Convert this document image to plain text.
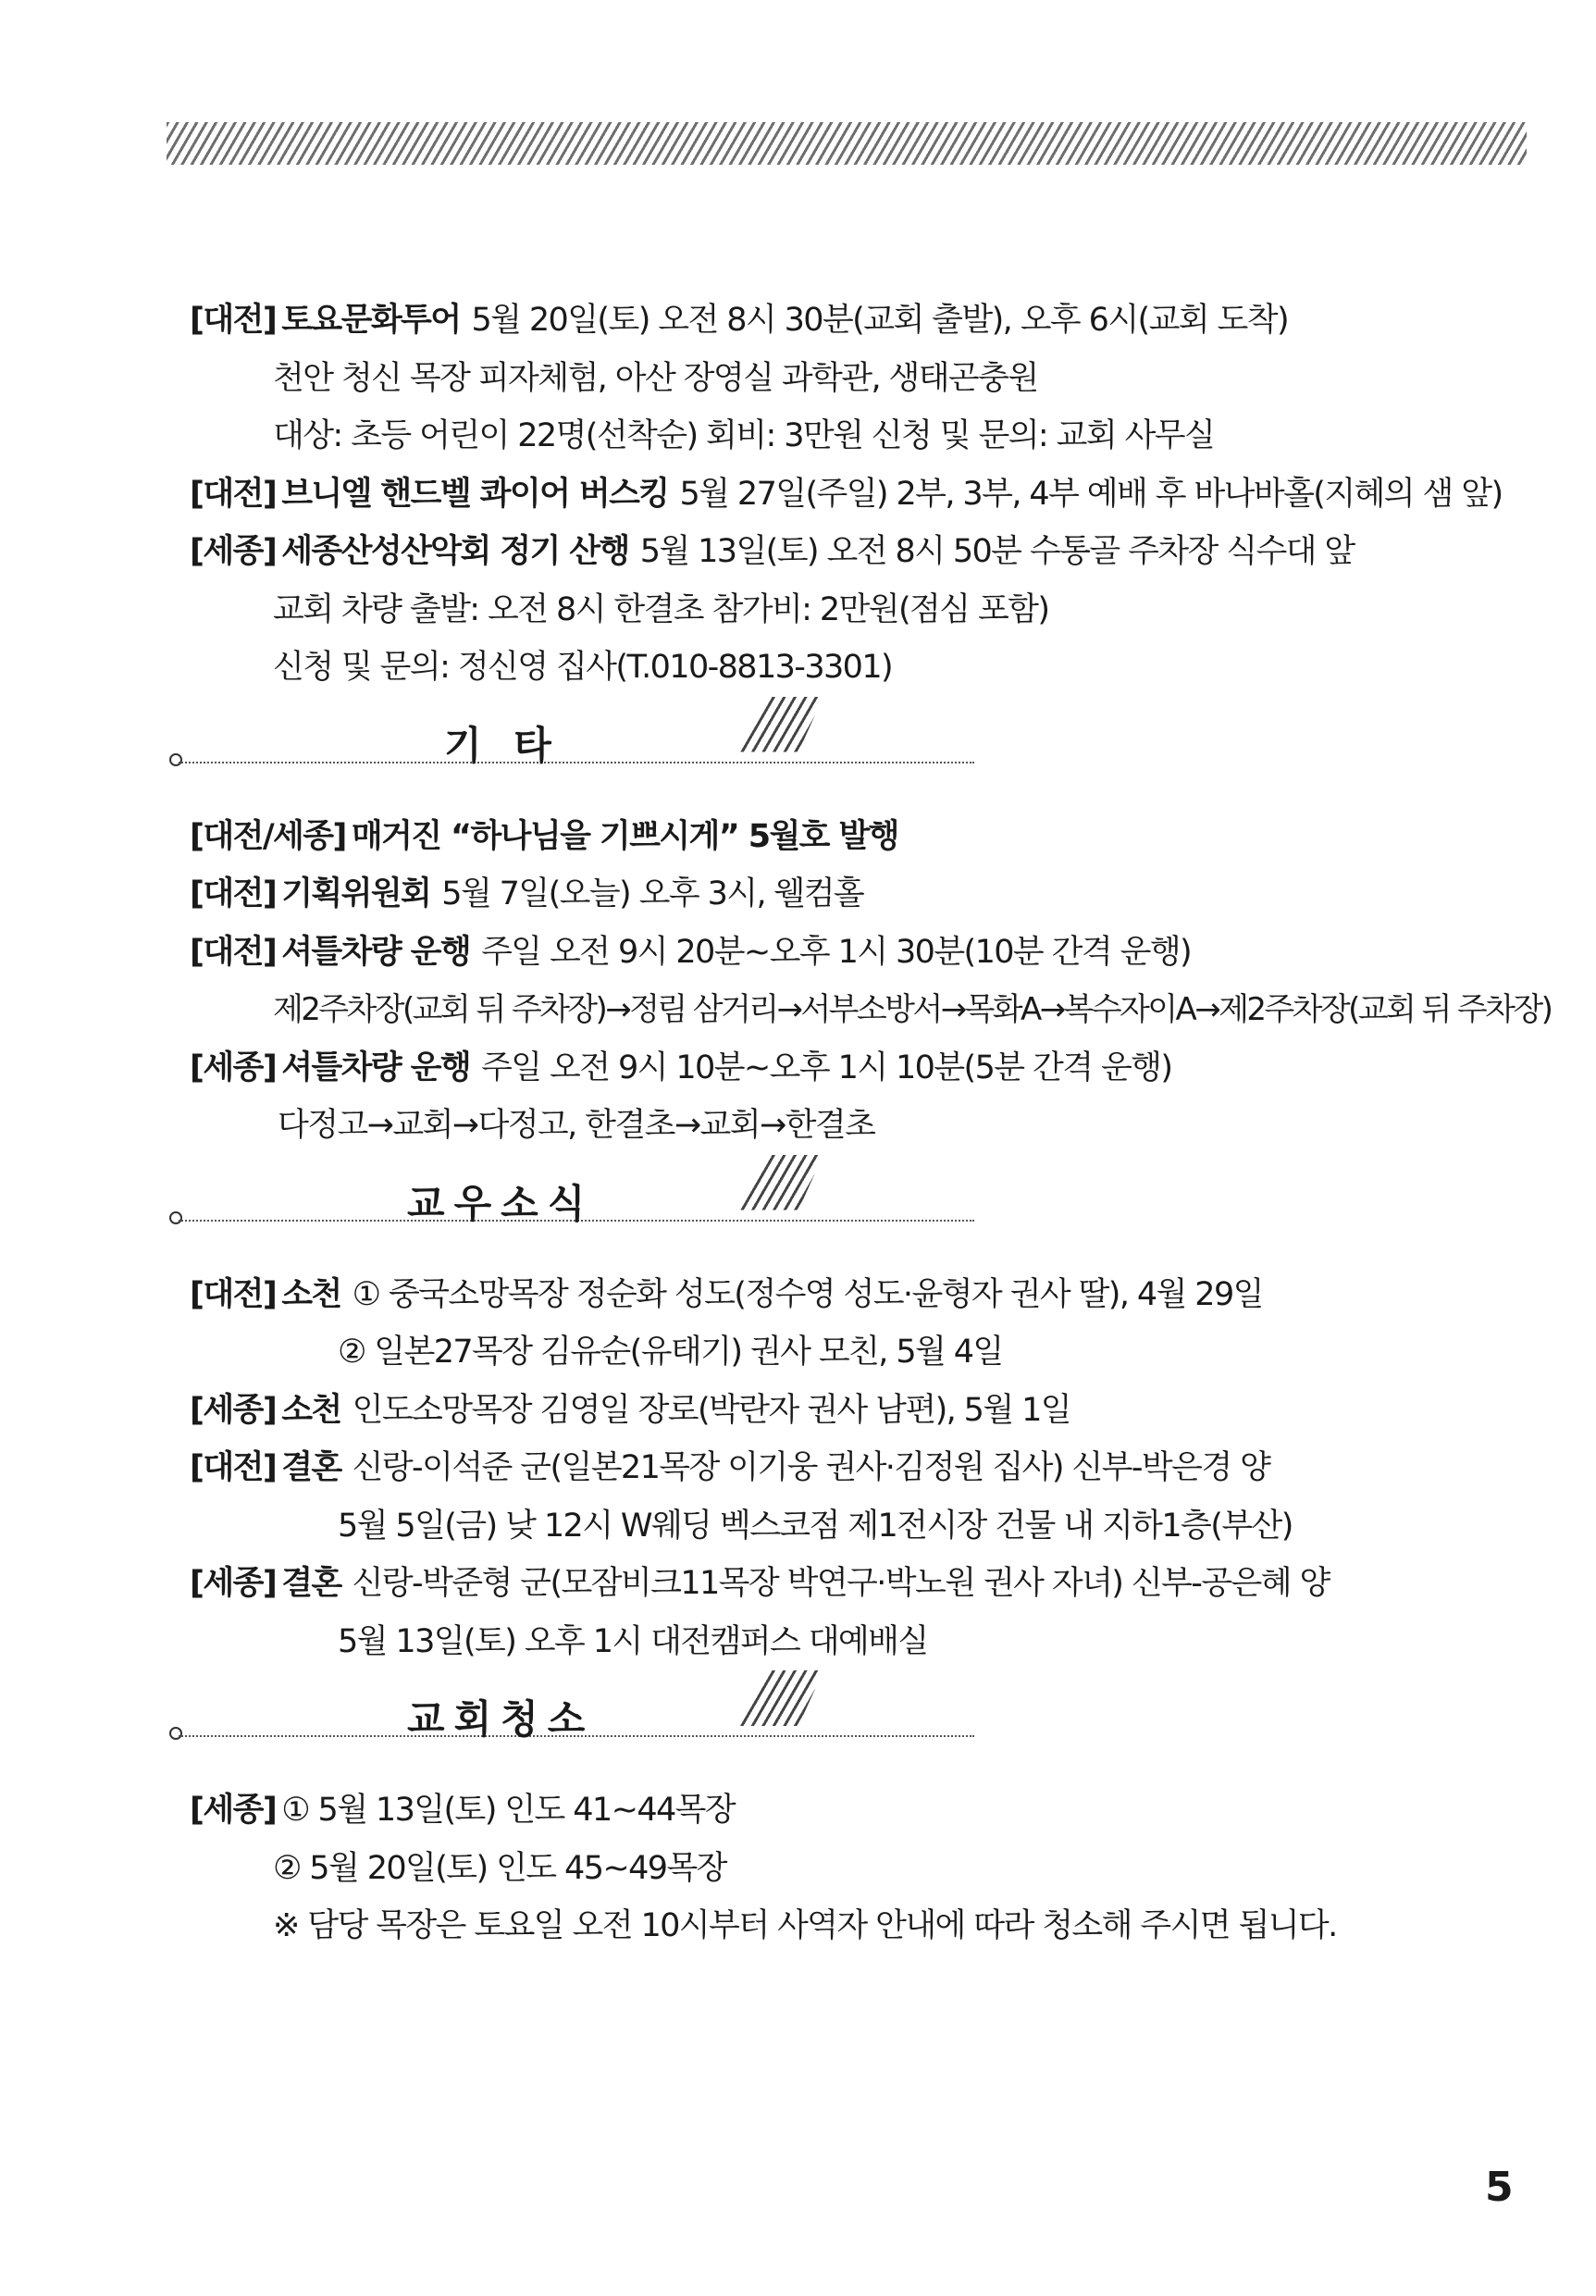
[대전] 토요문화투어 5월 20일(토) 오전 8시 30분(교회 출발), 오후 6시(교회 도착)
천안 청신 목장 피자체험, 아산 장영실 과학관, 생태곤충원
대상: 초등 어린이 22명(선착순) 회비: 3만원 신청 및 문의: 교회 사무실
[대전] 브니엘 핸드벨 콰이어 버스킹 5월 27일(주일) 2부, 3부, 4부 예배 후 바나바홀(지혜의 샘 앞)
[세종] 세종산성산악회 정기 산행 5월 13일(토) 오전 8시 50분 수통골 주차장 식수대 앞
교회 차량 출발: 오전 8시 한결초 참가비: 2만원(점심 포함)
신청 및 문의: 정신영 집사(T.010-8813-3301)
기 타
[대전/세종] 매거진 “하나님을 기쁘시게” 5월호 발행
[대전] 기획위원회 5월 7일(오늘) 오후 3시, 웰컴홀
[대전] 셔틀차량 운행 주일 오전 9시 20분~오후 1시 30분(10분 간격 운행)
제2주차장(교회 뒤 주차장)→정림 삼거리→서부소방서→목화A→복수자이A→제2주차장(교회 뒤 주차장)
[세종] 셔틀차량 운행 주일 오전 9시 10분~오후 1시 10분(5분 간격 운행)
다정고→교회→다정고, 한결초→교회→한결초
교우소식
[대전] 소천 ① 중국소망목장 정순화 성도(정수영 성도·윤형자 권사 딸), 4월 29일
② 일본27목장 김유순(유태기) 권사 모친, 5월 4일
[세종] 소천 인도소망목장 김영일 장로(박란자 권사 남편), 5월 1일
[대전] 결혼 신랑-이석준 군(일본21목장 이기웅 권사·김정원 집사) 신부-박은경 양
5월 5일(금) 낮 12시 W웨딩 벡스코점 제1전시장 건물 내 지하1층(부산)
[세종] 결혼 신랑-박준형 군(모잠비크11목장 박연구·박노원 권사 자녀) 신부-공은혜 양
5월 13일(토) 오후 1시 대전캠퍼스 대예배실
교회청소
[세종] ① 5월 13일(토) 인도 41~44목장
② 5월 20일(토) 인도 45~49목장
※ 담당 목장은 토요일 오전 10시부터 사역자 안내에 따라 청소해 주시면 됩니다.
5
